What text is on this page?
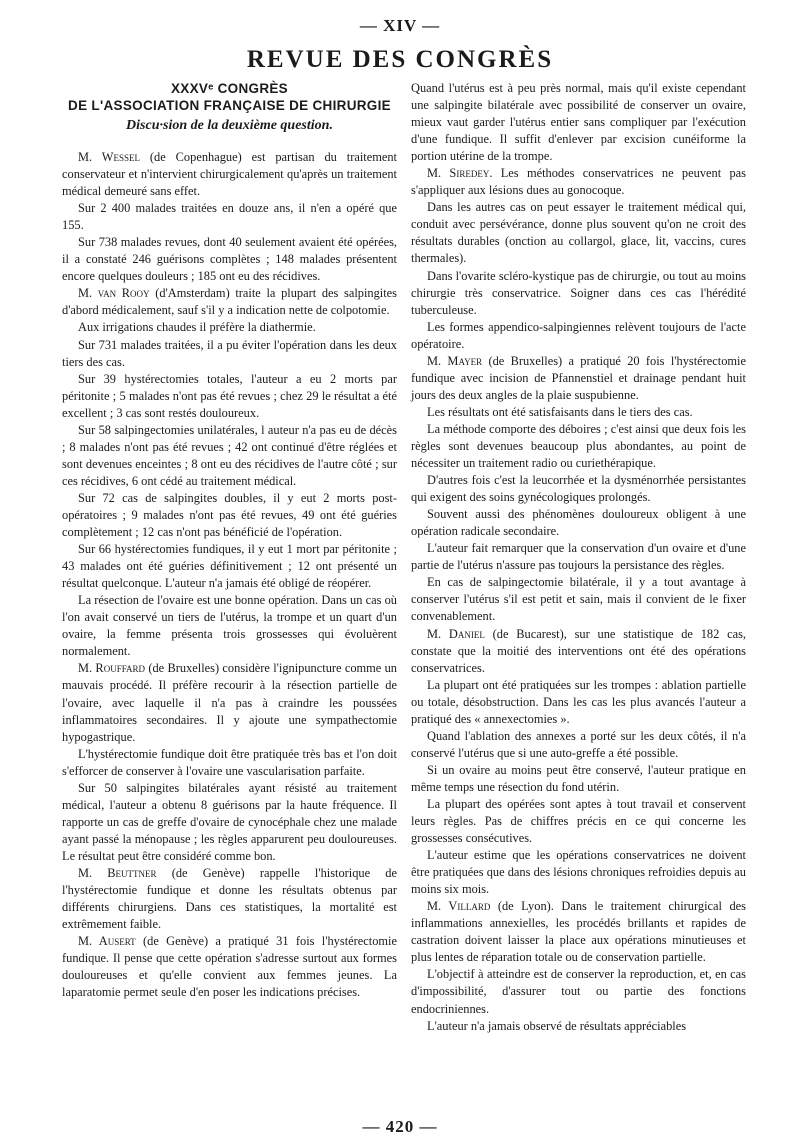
— XIV —
REVUE DES CONGRÈS
XXXVᵉ CONGRÈS
DE L'ASSOCIATION FRANÇAISE DE CHIRURGIE
Discu·sion de la deuxième question.

M. Wessel (de Copenhague) est partisan du traitement conservateur et n'intervient chirurgicalement qu'après un traitement médical demeuré sans effet.

Sur 2 400 malades traitées en douze ans, il n'en a opéré que 155.

Sur 738 malades revues, dont 40 seulement avaient été opérées, il a constaté 246 guérisons complètes ; 148 malades présentent encore quelques douleurs ; 185 ont eu des récidives.

M. van Rooy (d'Amsterdam) traite la plupart des salpingites d'abord médicalement, sauf s'il y a indication nette de colpotomie.

Aux irrigations chaudes il préfère la diathermie.

Sur 731 malades traitées, il a pu éviter l'opération dans les deux tiers des cas.

Sur 39 hystérectomies totales, l'auteur a eu 2 morts par péritonite ; 5 malades n'ont pas été revues ; chez 29 le résultat a été excellent ; 3 cas sont restés douloureux.

Sur 58 salpingectomies unilatérales, l auteur n'a pas eu de décès ; 8 malades n'ont pas été revues ; 42 ont continué d'être réglées et sont devenues enceintes ; 8 ont eu des récidives de l'autre côté ; sur ces récidives, 6 ont cédé au traitement médical.

Sur 72 cas de salpingites doubles, il y eut 2 morts post-opératoires ; 9 malades n'ont pas été revues, 49 ont été guéries complètement ; 12 cas n'ont pas bénéficié de l'opération.

Sur 66 hystérectomies fundiques, il y eut 1 mort par péritonite ; 43 malades ont été guéries définitivement ; 12 ont présenté un résultat quelconque. L'auteur n'a jamais été obligé de réopérer.

La résection de l'ovaire est une bonne opération. Dans un cas où l'on avait conservé un tiers de l'utérus, la trompe et un quart d'un ovaire, la femme présenta trois grossesses qui évoluèrent normalement.

M. Rouffard (de Bruxelles) considère l'ignipuncture comme un mauvais procédé. Il préfère recourir à la résection partielle de l'ovaire, avec laquelle il n'a pas à craindre les poussées inflammatoires secondaires. Il y ajoute une sympathectomie hypogastrique.

L'hystérectomie fundique doit être pratiquée très bas et l'on doit s'efforcer de conserver à l'ovaire une vascularisation parfaite.

Sur 50 salpingites bilatérales ayant résisté au traitement médical, l'auteur a obtenu 8 guérisons par la haute fréquence. Il rapporte un cas de greffe d'ovaire de cynocéphale chez une malade ayant passé la ménopause ; les règles apparurent peu douloureuses. Le résultat peut être considéré comme bon.

M. Beuttner (de Genève) rappelle l'historique de l'hystérectomie fundique et donne les résultats obtenus par différents chirurgiens. Dans ces statistiques, la mortalité est extrêmement faible.

M. Ausert (de Genève) a pratiqué 31 fois l'hystérectomie fundique. Il pense que cette opération s'adresse surtout aux formes douloureuses et qu'elle convient aux femmes jeunes. La laparatomie permet seule d'en poser les indications précises.

Quand l'utérus est à peu près normal, mais qu'il existe cependant une salpingite bilatérale avec possibilité de conserver un ovaire, mieux vaut garder l'utérus entier sans compliquer par l'exécution d'une fundique. Il suffit d'enlever par excision cunéiforme la portion utérine de la trompe.

M. Siredey. Les méthodes conservatrices ne peuvent pas s'appliquer aux lésions dues au gonocoque.

Dans les autres cas on peut essayer le traitement médical qui, conduit avec persévérance, donne plus souvent qu'on ne croit des résultats durables (onction au collargol, glace, lit, vaccins, cures thermales).

Dans l'ovarite scléro-kystique pas de chirurgie, ou tout au moins chirurgie très conservatrice. Soigner dans ces cas l'hérédité tuberculeuse.

Les formes appendico-salpingiennes relèvent toujours de l'acte opératoire.

M. Mayer (de Bruxelles) a pratiqué 20 fois l'hystérectomie fundique avec incision de Pfannenstiel et drainage pendant huit jours des deux angles de la plaie suspubienne.

Les résultats ont été satisfaisants dans le tiers des cas.

La méthode comporte des déboires ; c'est ainsi que deux fois les règles sont devenues beaucoup plus abondantes, au point de nécessiter un traitement radio ou curiethérapique.

D'autres fois c'est la leucorrhée et la dysménorrhée persistantes qui exigent des soins gynécologiques prolongés.

Souvent aussi des phénomènes douloureux obligent à une opération radicale secondaire.

L'auteur fait remarquer que la conservation d'un ovaire et d'une partie de l'utérus n'assure pas toujours la persistance des règles.

En cas de salpingectomie bilatérale, il y a tout avantage à conserver l'utérus s'il est petit et sain, mais il convient de le fixer convenablement.

M. Daniel (de Bucarest), sur une statistique de 182 cas, constate que la moitié des interventions ont été des opérations conservatrices.

La plupart ont été pratiquées sur les trompes : ablation partielle ou totale, désobstruction. Dans les cas les plus avancés l'auteur a pratiqué des « annexectomies ».

Quand l'ablation des annexes a porté sur les deux côtés, il n'a conservé l'utérus que si une auto-greffe a été possible.

Si un ovaire au moins peut être conservé, l'auteur pratique en même temps une résection du fond utérin.

La plupart des opérées sont aptes à tout travail et conservent leurs règles. Pas de chiffres précis en ce qui concerne les grossesses consécutives.

L'auteur estime que les opérations conservatrices ne doivent être pratiquées que dans des lésions chroniques refroidies depuis au moins six mois.

M. Villard (de Lyon). Dans le traitement chirurgical des inflammations annexielles, les procédés brillants et rapides de castration doivent laisser la place aux opérations minutieuses et plus lentes de réparation totale ou de conservation partielle.

L'objectif à atteindre est de conserver la reproduction, et, en cas d'impossibilité, d'assurer tout ou partie des fonctions endocriniennes.

L'auteur n'a jamais observé de résultats appréciables

— 420 —
